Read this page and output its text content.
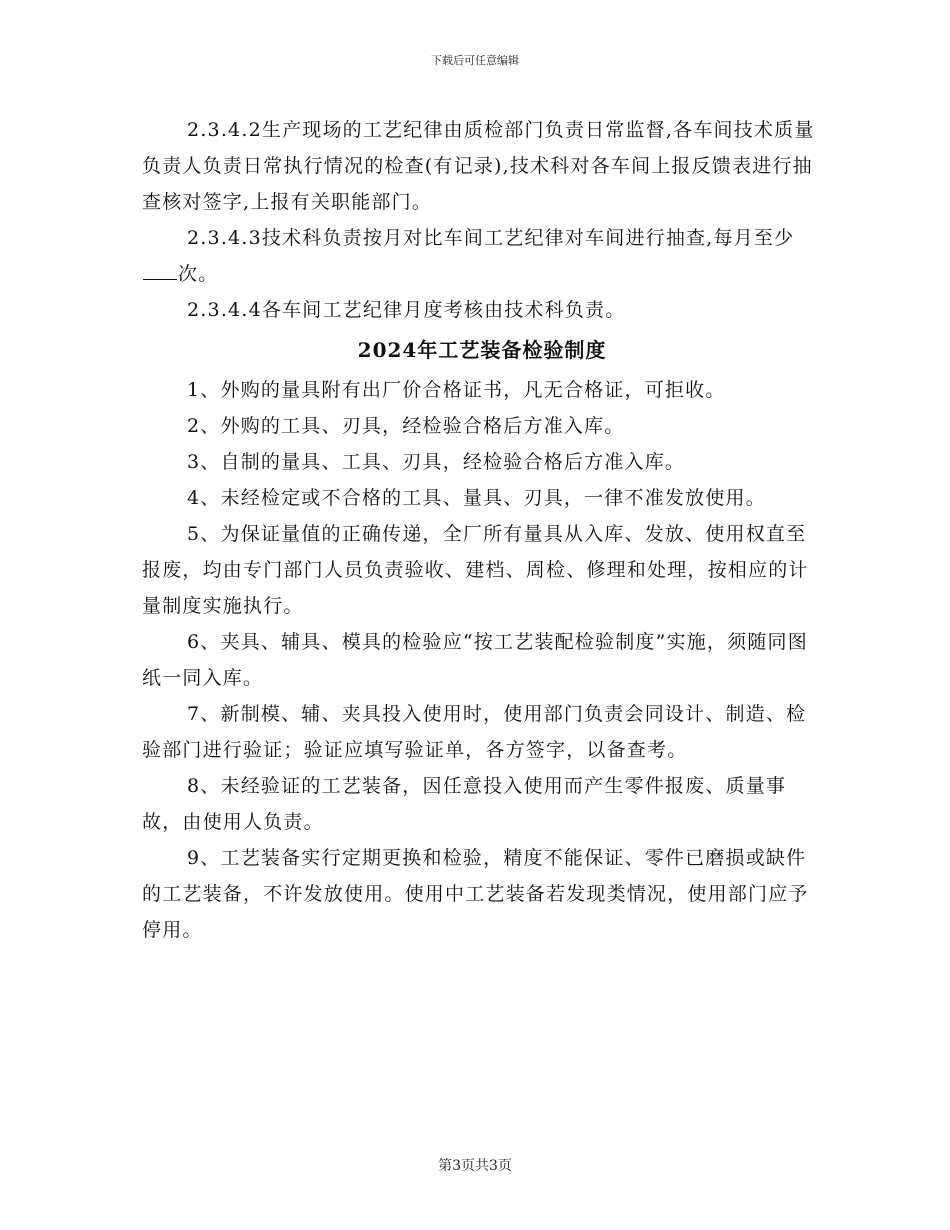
下载后可任意编辑

2.3.4.2生产现场的工艺纪律由质检部门负责日常监督,各车间技术质量负责人负责日常执行情况的检查(有记录),技术科对各车间上报反馈表进行抽查核对签字,上报有关职能部门。

2.3.4.3技术科负责按月对比车间工艺纪律对车间进行抽查,每月至少次。

2.3.4.4各车间工艺纪律月度考核由技术科负责。

2024年工艺装备检验制度

1、外购的量具附有出厂价合格证书，凡无合格证，可拒收。

2、外购的工具、刃具，经检验合格后方准入库。

3、自制的量具、工具、刃具，经检验合格后方准入库。

4、未经检定或不合格的工具、量具、刃具，一律不准发放使用。

5、为保证量值的正确传递，全厂所有量具从入库、发放、使用权直至报废，均由专门部门人员负责验收、建档、周检、修理和处理，按相应的计量制度实施执行。

6、夹具、辅具、模具的检验应“按工艺装配检验制度”实施，须随同图纸一同入库。

7、新制模、辅、夹具投入使用时，使用部门负责会同设计、制造、检验部门进行验证；验证应填写验证单，各方签字，以备查考。

8、未经验证的工艺装备，因任意投入使用而产生零件报废、质量事故，由使用人负责。

9、工艺装备实行定期更换和检验，精度不能保证、零件已磨损或缺件的工艺装备，不许发放使用。使用中工艺装备若发现类情况，使用部门应予停用。

第3页共3页
